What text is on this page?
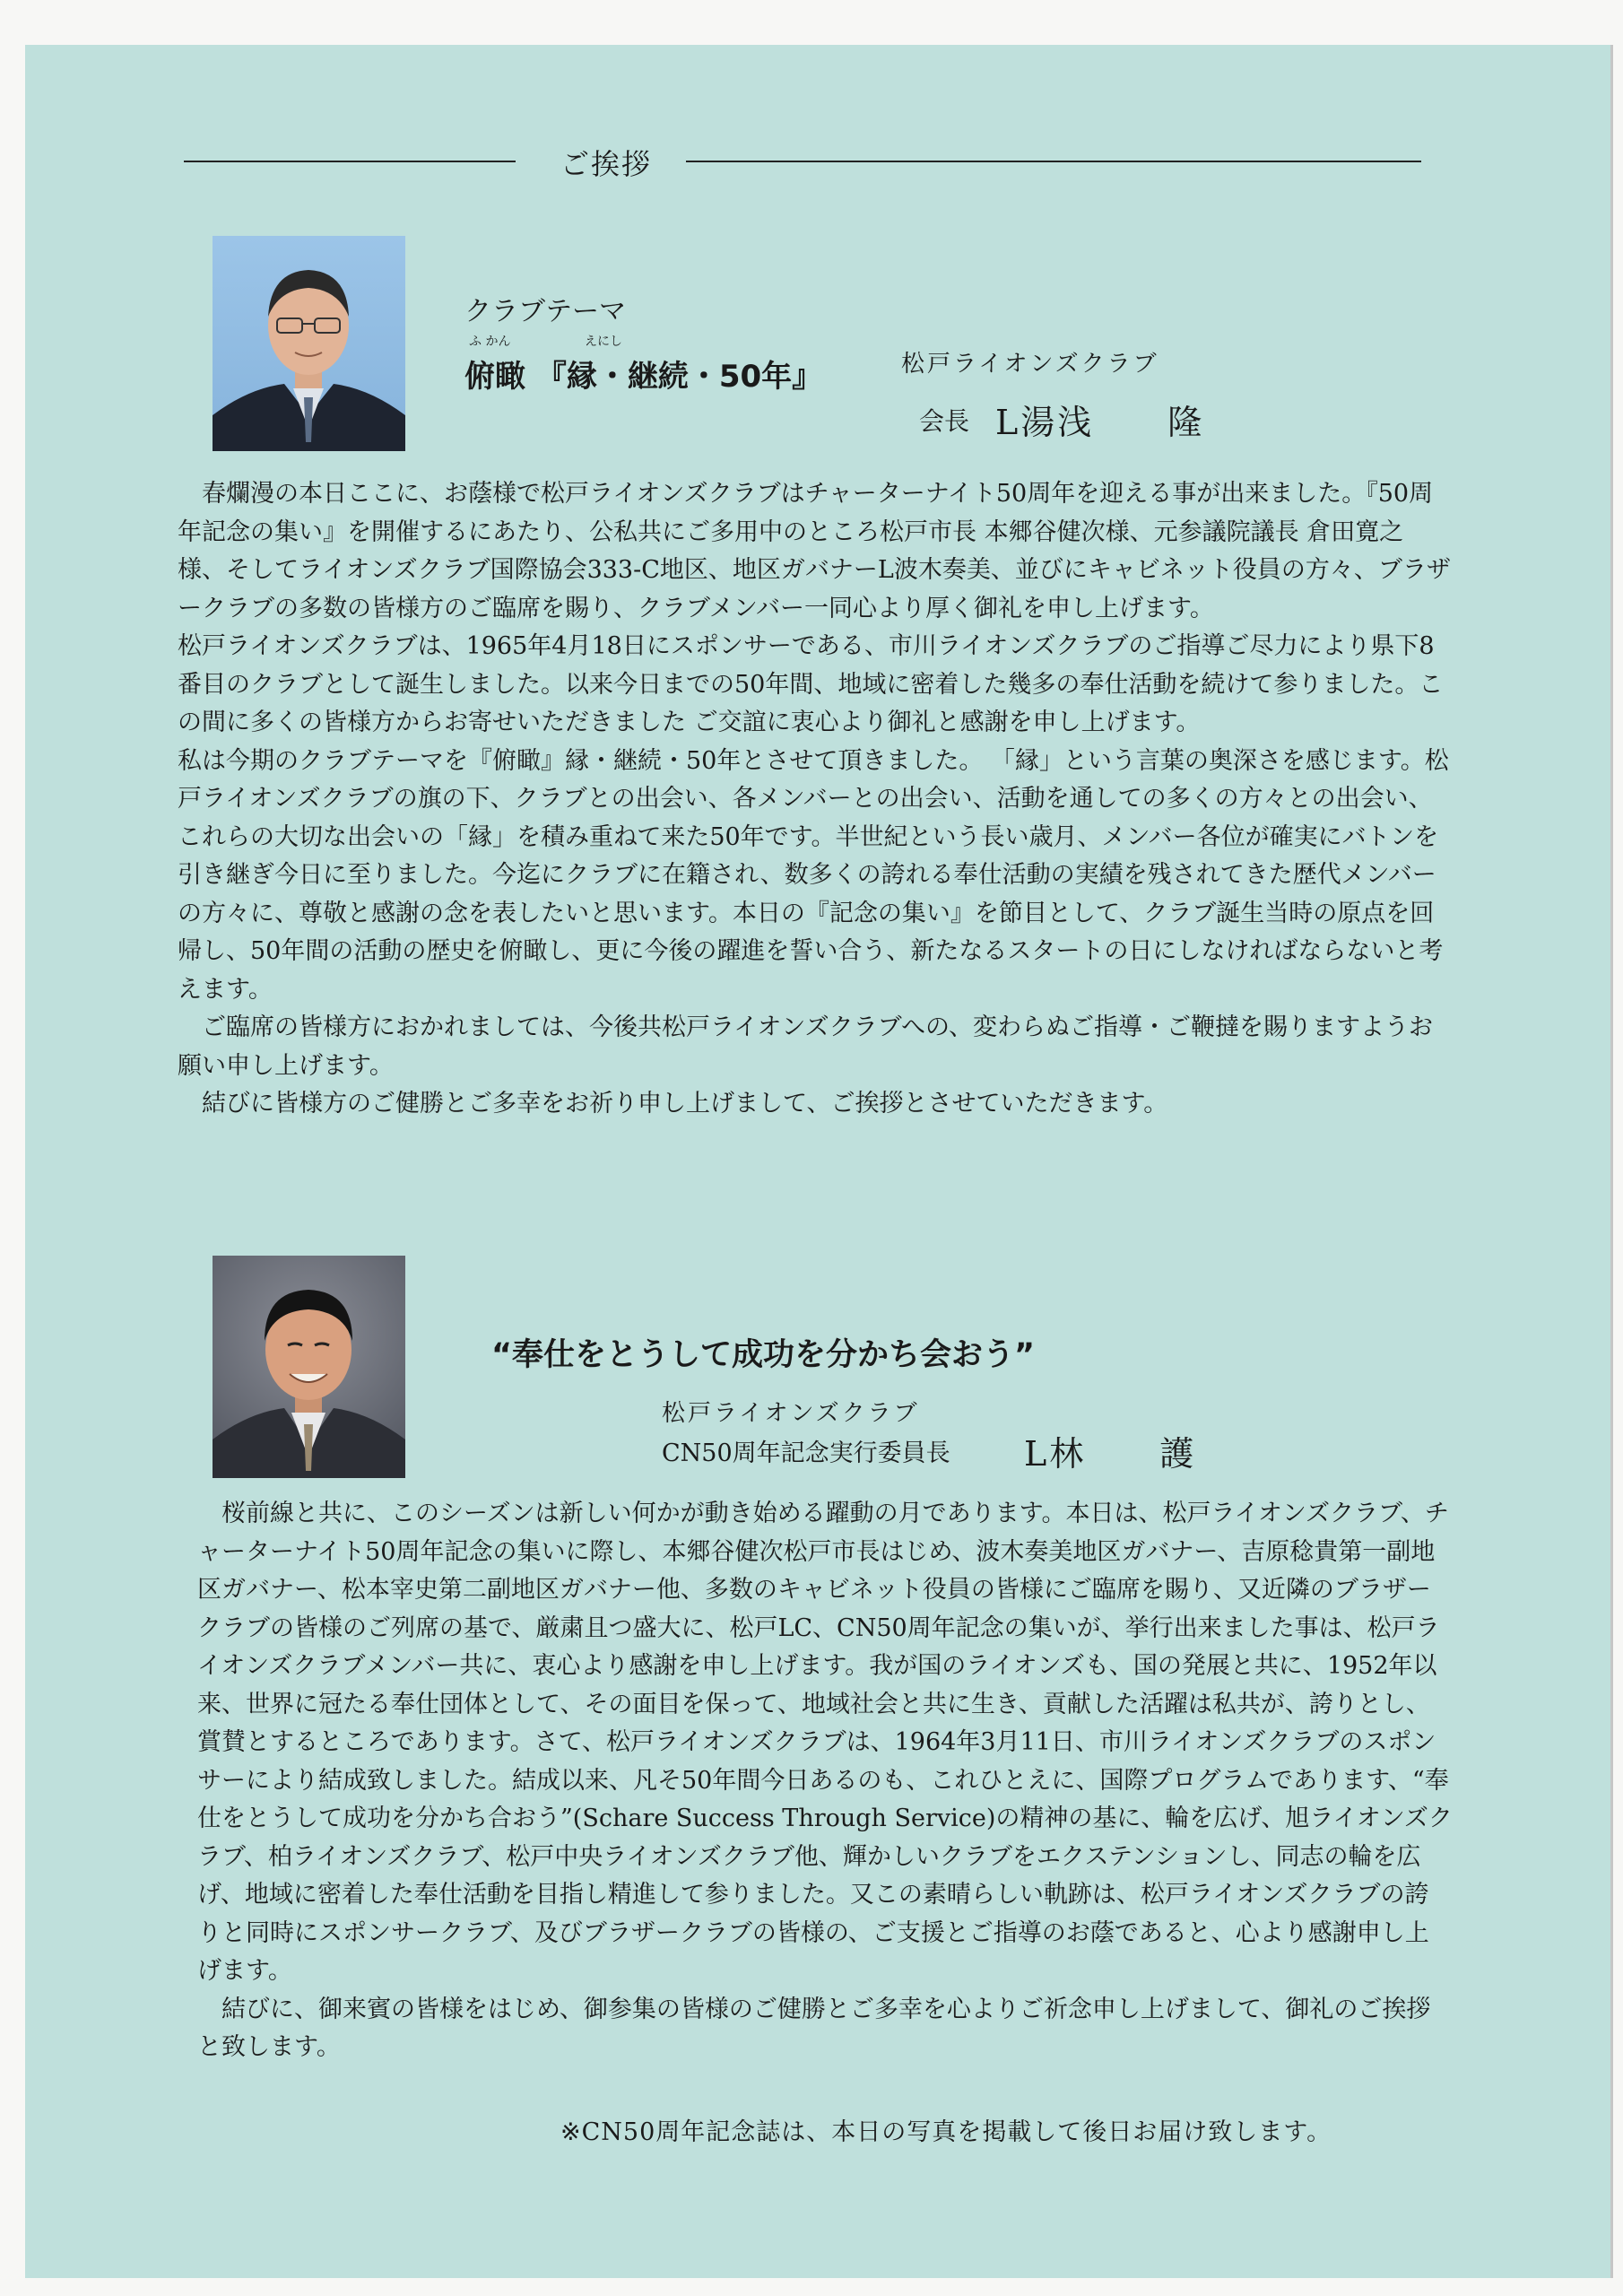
ご挨拶
クラブテーマ
ふ かん	えにし
俯瞰 『縁・継続・50年』	松戸ライオンズクラブ
会長 L湯浅　　隆

　春爛漫の本日ここに、お蔭様で松戸ライオンズクラブはチャーターナイト50周年を迎える事が出来ました。『50周年記念の集い』を開催するにあたり、公私共にご多用中のところ松戸市長 本郷谷健次様、元参議院議長 倉田寛之様、そしてライオンズクラブ国際協会333-C地区、地区ガバナーL波木奏美、並びにキャビネット役員の方々、ブラザークラブの多数の皆様方のご臨席を賜り、クラブメンバー一同心より厚く御礼を申し上げます。

松戸ライオンズクラブは、1965年4月18日にスポンサーである、市川ライオンズクラブのご指導ご尽力により県下8番目のクラブとして誕生しました。以来今日までの50年間、地域に密着した幾多の奉仕活動を続けて参りました。この間に多くの皆様方からお寄せいただきました ご交誼に衷心より御礼と感謝を申し上げます。

私は今期のクラブテーマを『俯瞰』縁・継続・50年とさせて頂きました。 「縁」という言葉の奥深さを感じます。松戸ライオンズクラブの旗の下、クラブとの出会い、各メンバーとの出会い、活動を通しての多くの方々との出会い、これらの大切な出会いの「縁」を積み重ねて来た50年です。半世紀という長い歳月、メンバー各位が確実にバトンを引き継ぎ今日に至りました。今迄にクラブに在籍され、数多くの誇れる奉仕活動の実績を残されてきた歴代メンバーの方々に、尊敬と感謝の念を表したいと思います。本日の『記念の集い』を節目として、クラブ誕生当時の原点を回帰し、50年間の活動の歴史を俯瞰し、更に今後の躍進を誓い合う、新たなるスタートの日にしなければならないと考えます。

　ご臨席の皆様方におかれましては、今後共松戸ライオンズクラブへの、変わらぬご指導・ご鞭撻を賜りますようお願い申し上げます。

　結びに皆様方のご健勝とご多幸をお祈り申し上げまして、ご挨拶とさせていただきます。

“奉仕をとうして成功を分かち会おう”
松戸ライオンズクラブ
CN50周年記念実行委員長 L林　　護

　桜前線と共に、このシーズンは新しい何かが動き始める躍動の月であります。本日は、松戸ライオンズクラブ、チャーターナイト50周年記念の集いに際し、本郷谷健次松戸市長はじめ、波木奏美地区ガバナー、吉原稔貴第一副地区ガバナー、松本宰史第二副地区ガバナー他、多数のキャビネット役員の皆様にご臨席を賜り、又近隣のブラザークラブの皆様のご列席の基で、厳粛且つ盛大に、松戸LC、CN50周年記念の集いが、挙行出来ました事は、松戸ライオンズクラブメンバー共に、衷心より感謝を申し上げます。我が国のライオンズも、国の発展と共に、1952年以来、世界に冠たる奉仕団体として、その面目を保って、地域社会と共に生き、貢献した活躍は私共が、誇りとし、賞賛とするところであります。さて、松戸ライオンズクラブは、1964年3月11日、市川ライオンズクラブのスポンサーにより結成致しました。結成以来、凡そ50年間今日あるのも、これひとえに、国際プログラムであります、“奉仕をとうして成功を分かち合おう”(Schare Success Through Service)の精神の基に、輪を広げ、旭ライオンズクラブ、柏ライオンズクラブ、松戸中央ライオンズクラブ他、輝かしいクラブをエクステンションし、同志の輪を広げ、地域に密着した奉仕活動を目指し精進して参りました。又この素晴らしい軌跡は、松戸ライオンズクラブの誇りと同時にスポンサークラブ、及びブラザークラブの皆様の、ご支援とご指導のお蔭であると、心より感謝申し上げます。

　結びに、御来賓の皆様をはじめ、御参集の皆様のご健勝とご多幸を心よりご祈念申し上げまして、御礼のご挨拶と致します。

※CN50周年記念誌は、本日の写真を掲載して後日お届け致します。
